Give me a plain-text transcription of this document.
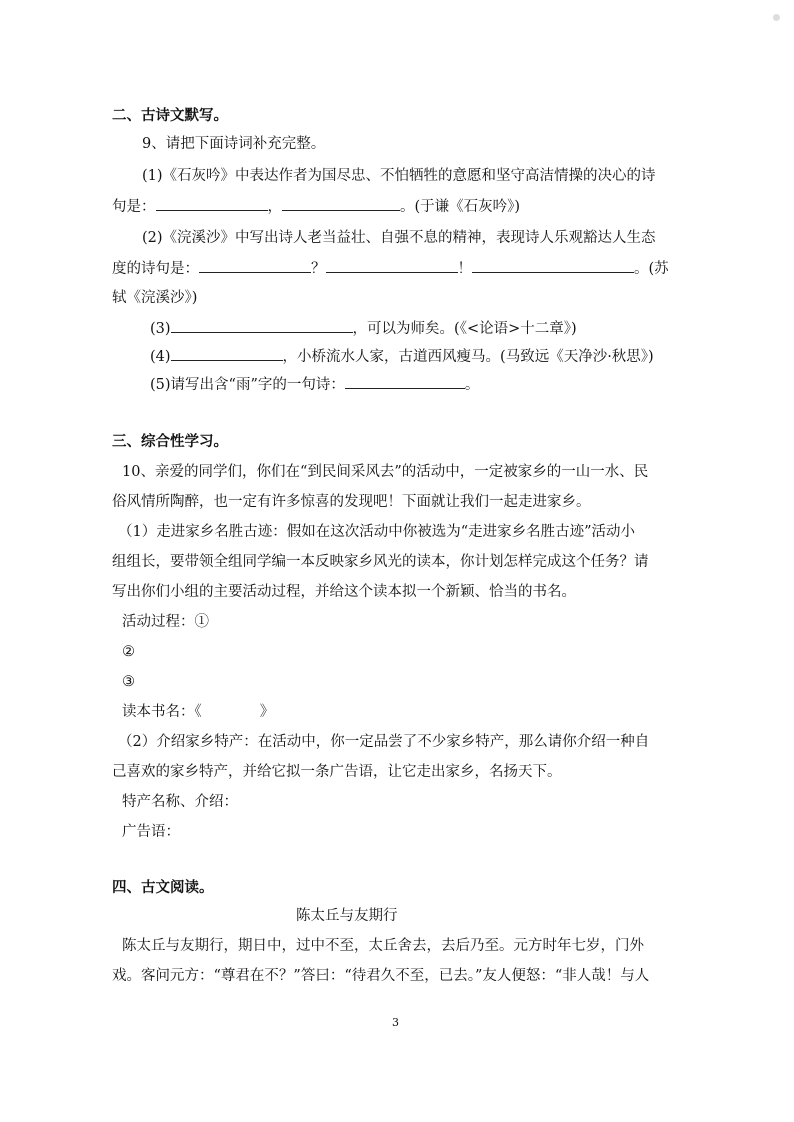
二、古诗文默写。
9、请把下面诗词补充完整。
(1)《石灰吟》中表达作者为国尽忠、不怕牺牲的意愿和坚守高洁情操的决心的诗
句是：	，	。(于谦《石灰吟》)
(2)《浣溪沙》中写出诗人老当益壮、自强不息的精神，表现诗人乐观豁达人生态
度的诗句是：	？	！	。(苏
轼《浣溪沙》)
(3)	，可以为师矣。(《<论语>十二章》)
(4)	，小桥流水人家，古道西风瘦马。(马致远《天净沙·秋思》)
(5)请写出含“雨”字的一句诗：	。
三、综合性学习。
10、亲爱的同学们，你们在“到民间采风去”的活动中，一定被家乡的一山一水、民
俗风情所陶醉，也一定有许多惊喜的发现吧！下面就让我们一起走进家乡。
（1）走进家乡名胜古迹：假如在这次活动中你被选为“走进家乡名胜古迹”活动小
组组长，要带领全组同学编一本反映家乡风光的读本，你计划怎样完成这个任务？请
写出你们小组的主要活动过程，并给这个读本拟一个新颖、恰当的书名。
活动过程：①
②
③
读本书名：《	》
（2）介绍家乡特产：在活动中，你一定品尝了不少家乡特产，那么请你介绍一种自
己喜欢的家乡特产，并给它拟一条广告语，让它走出家乡，名扬天下。
特产名称、介绍：
广告语：
四、古文阅读。
陈太丘与友期行
陈太丘与友期行，期日中，过中不至，太丘舍去，去后乃至。元方时年七岁，门外
戏。客问元方：“尊君在不？”答曰：“待君久不至，已去。”友人便怒：“非人哉！与人
3
